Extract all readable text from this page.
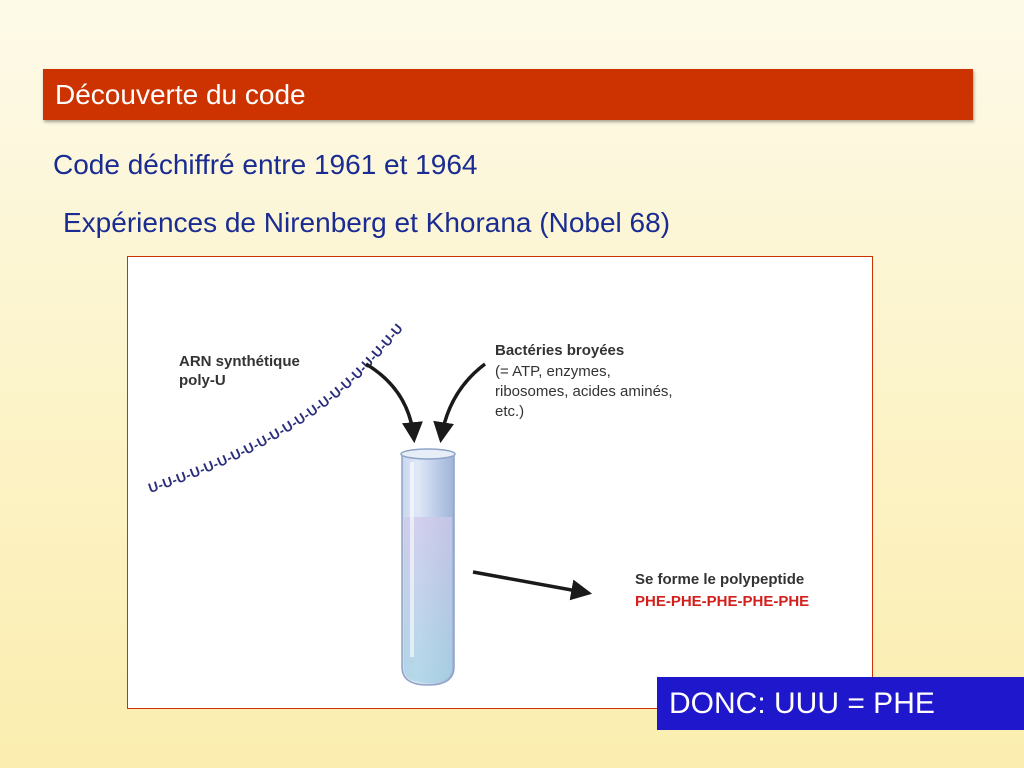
Découverte du code
Code déchiffré entre 1961 et 1964
Expériences de Nirenberg et Khorana (Nobel 68)
U-U-U-U-U-U-U-U-U-U-U-U-U-U-U-U-U-U-U-U-U
ARN synthétique
poly-U
Bactéries broyées
(= ATP, enzymes,
ribosomes, acides aminés,
etc.)
Se forme le polypeptide
PHE-PHE-PHE-PHE-PHE
DONC: UUU = PHE
